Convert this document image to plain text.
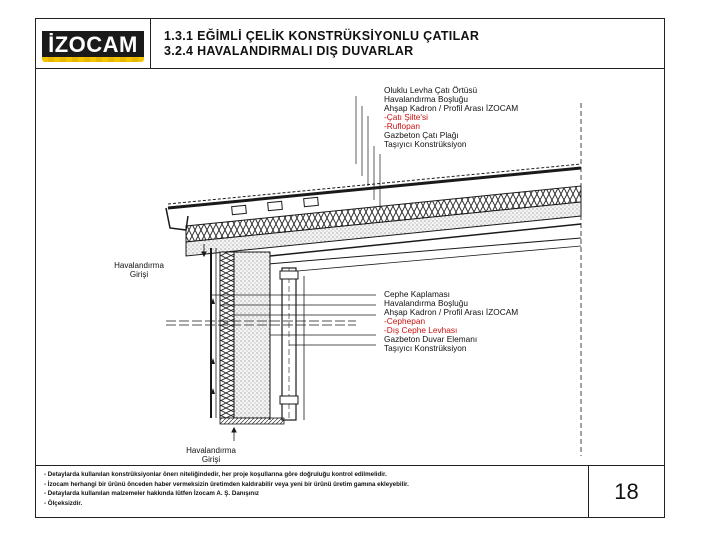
İZOCAM	1.3.1 EĞİMLİ ÇELİK KONSTRÜKSİYONLU ÇATILAR
3.2.4 HAVALANDIRMALI DIŞ DUVARLAR
Oluklu Levha Çatı Örtüsü
Havalandırma Boşluğu
Ahşap Kadron / Profil Arası İZOCAM
-Çatı Şilte'si
-Ruflopan
Gazbeton Çatı Plağı
Taşıyıcı Konstrüksiyon
Cephe Kaplaması
Havalandırma Boşluğu
Ahşap Kadron / Profil Arası İZOCAM
-Cephepan
-Dış Cephe Levhası
Gazbeton Duvar Elemanı
Taşıyıcı Konstrüksiyon
Havalandırma
Girişi
Havalandırma
Girişi
- Detaylarda kullanılan konstrüksiyonlar önerı niteliğindedir, her proje koşullarına göre doğruluğu kontrol edilmelidir.
- İzocam herhangi bir ürünü önceden haber vermeksizin üretimden kaldırabilir veya yeni bir ürünü üretim gamına ekleyebilir.
- Detaylarda kullanılan malzemeler hakkında lütfen İzocam A. Ş. Danışınız
- Ölçeksizdir.	18
